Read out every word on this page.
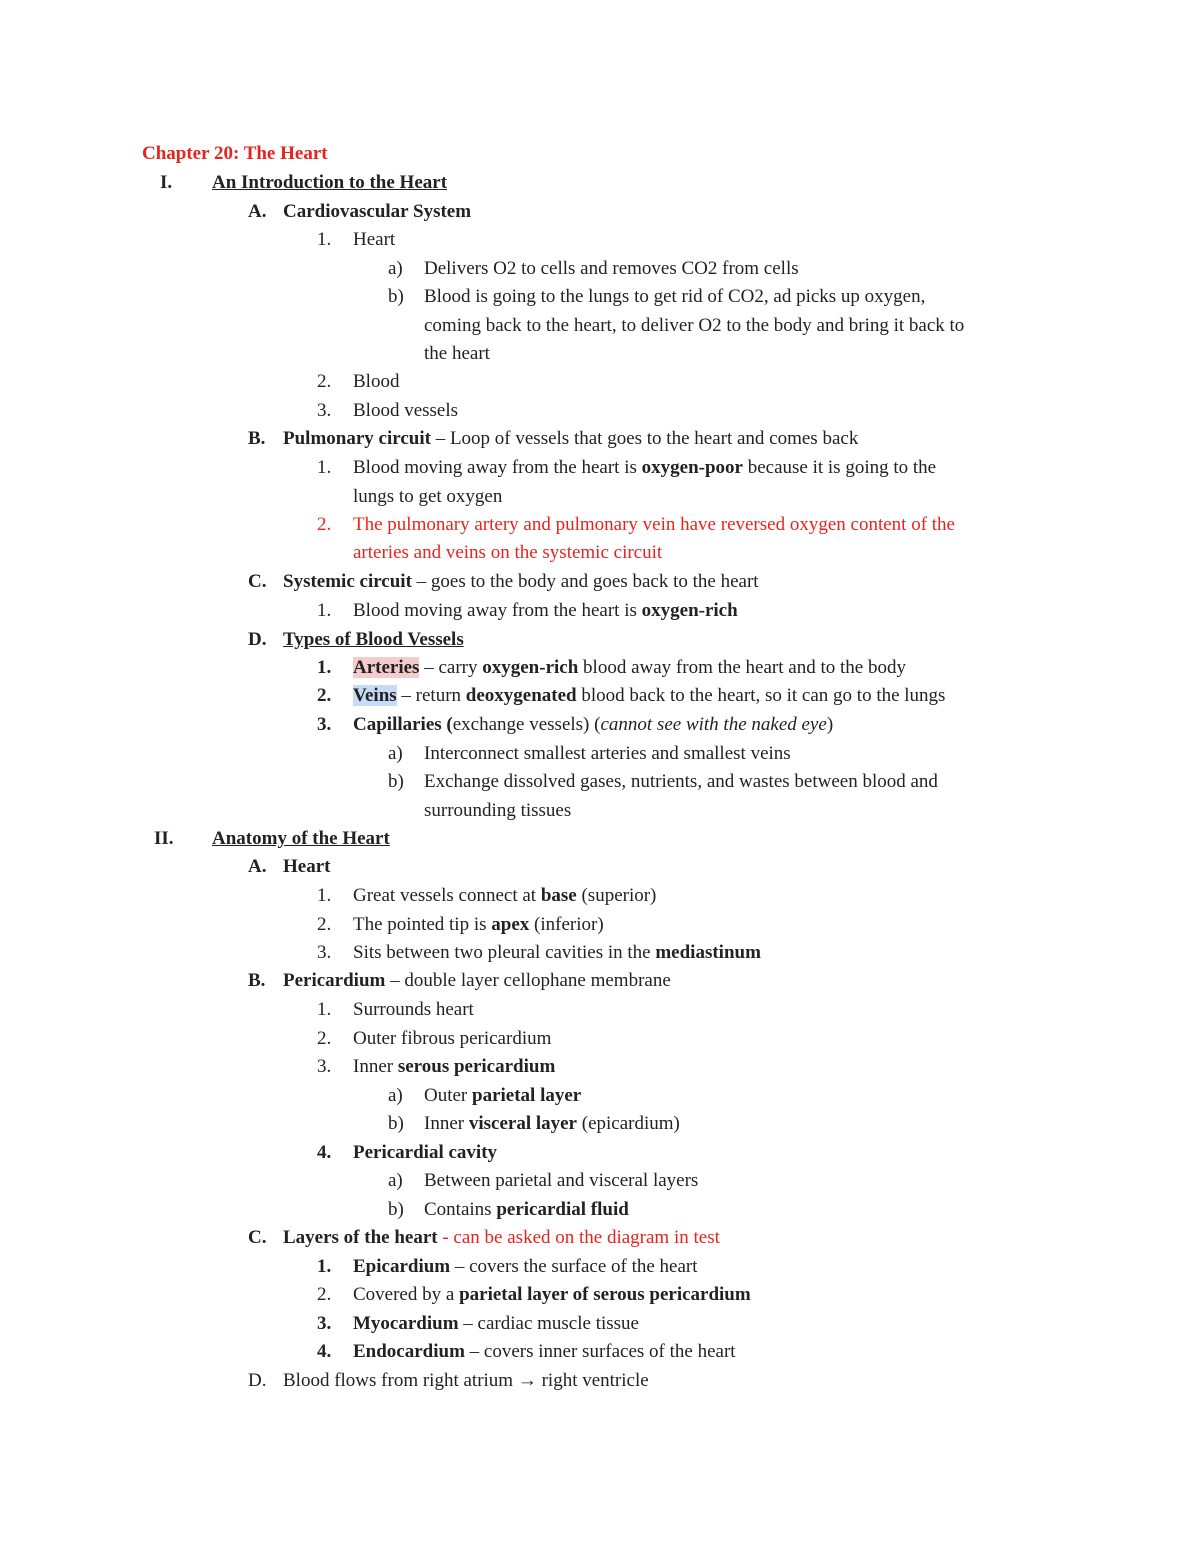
Chapter 20: The Heart
I. An Introduction to the Heart
A. Cardiovascular System
1. Heart
a) Delivers O2 to cells and removes CO2 from cells
b) Blood is going to the lungs to get rid of CO2, ad picks up oxygen,
coming back to the heart, to deliver O2 to the body and bring it back to
the heart
2. Blood
3. Blood vessels
B. Pulmonary circuit – Loop of vessels that goes to the heart and comes back
1. Blood moving away from the heart is oxygen-poor because it is going to the
lungs to get oxygen
2. The pulmonary artery and pulmonary vein have reversed oxygen content of the
arteries and veins on the systemic circuit
C. Systemic circuit – goes to the body and goes back to the heart
1. Blood moving away from the heart is oxygen-rich
D. Types of Blood Vessels
1. Arteries – carry oxygen-rich blood away from the heart and to the body
2. Veins – return deoxygenated blood back to the heart, so it can go to the lungs
3. Capillaries (exchange vessels) (cannot see with the naked eye)
a) Interconnect smallest arteries and smallest veins
b) Exchange dissolved gases, nutrients, and wastes between blood and
surrounding tissues
II. Anatomy of the Heart
A. Heart
1. Great vessels connect at base (superior)
2. The pointed tip is apex (inferior)
3. Sits between two pleural cavities in the mediastinum
B. Pericardium – double layer cellophane membrane
1. Surrounds heart
2. Outer fibrous pericardium
3. Inner serous pericardium
a) Outer parietal layer
b) Inner visceral layer (epicardium)
4. Pericardial cavity
a) Between parietal and visceral layers
b) Contains pericardial fluid
C. Layers of the heart - can be asked on the diagram in test
1. Epicardium – covers the surface of the heart
2. Covered by a parietal layer of serous pericardium
3. Myocardium – cardiac muscle tissue
4. Endocardium – covers inner surfaces of the heart
D. Blood flows from right atrium → right ventricle
